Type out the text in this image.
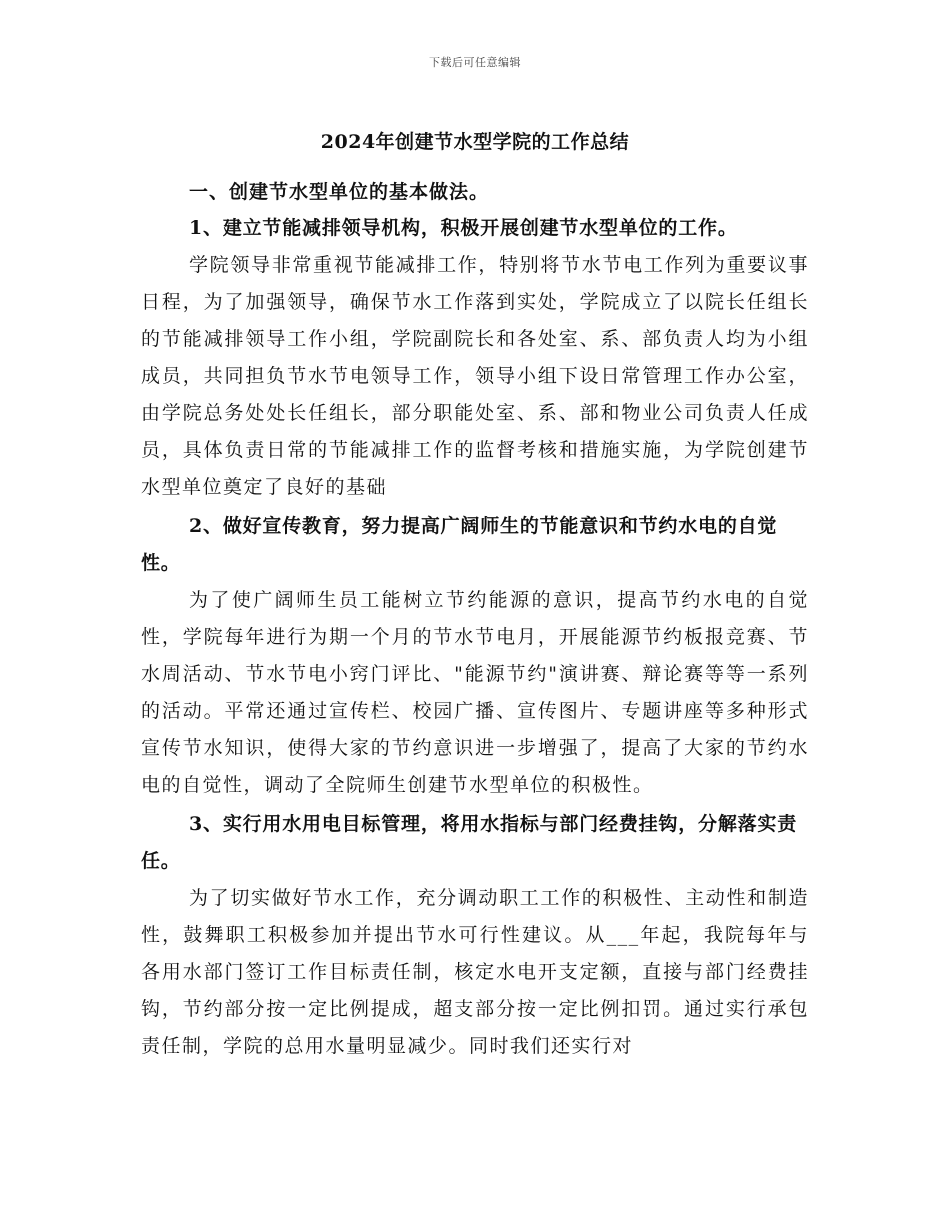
下载后可任意编辑
2024年创建节水型学院的工作总结

一、创建节水型单位的基本做法。

1、建立节能减排领导机构，积极开展创建节水型单位的工作。

学院领导非常重视节能减排工作，特别将节水节电工作列为重要议事日程，为了加强领导，确保节水工作落到实处，学院成立了以院长任组长的节能减排领导工作小组，学院副院长和各处室、系、部负责人均为小组成员，共同担负节水节电领导工作，领导小组下设日常管理工作办公室，由学院总务处处长任组长，部分职能处室、系、部和物业公司负责人任成员，具体负责日常的节能减排工作的监督考核和措施实施，为学院创建节水型单位奠定了良好的基础

2、做好宣传教育，努力提高广阔师生的节能意识和节约水电的自觉性。

为了使广阔师生员工能树立节约能源的意识，提高节约水电的自觉性，学院每年进行为期一个月的节水节电月，开展能源节约板报竞赛、节水周活动、节水节电小窍门评比、"能源节约"演讲赛、辩论赛等等一系列的活动。平常还通过宣传栏、校园广播、宣传图片、专题讲座等多种形式宣传节水知识，使得大家的节约意识进一步增强了，提高了大家的节约水电的自觉性，调动了全院师生创建节水型单位的积极性。

3、实行用水用电目标管理，将用水指标与部门经费挂钩，分解落实责任。

为了切实做好节水工作，充分调动职工工作的积极性、主动性和制造性，鼓舞职工积极参加并提出节水可行性建议。从___年起，我院每年与各用水部门签订工作目标责任制，核定水电开支定额，直接与部门经费挂钩，节约部分按一定比例提成，超支部分按一定比例扣罚。通过实行承包责任制，学院的总用水量明显减少。同时我们还实行对
